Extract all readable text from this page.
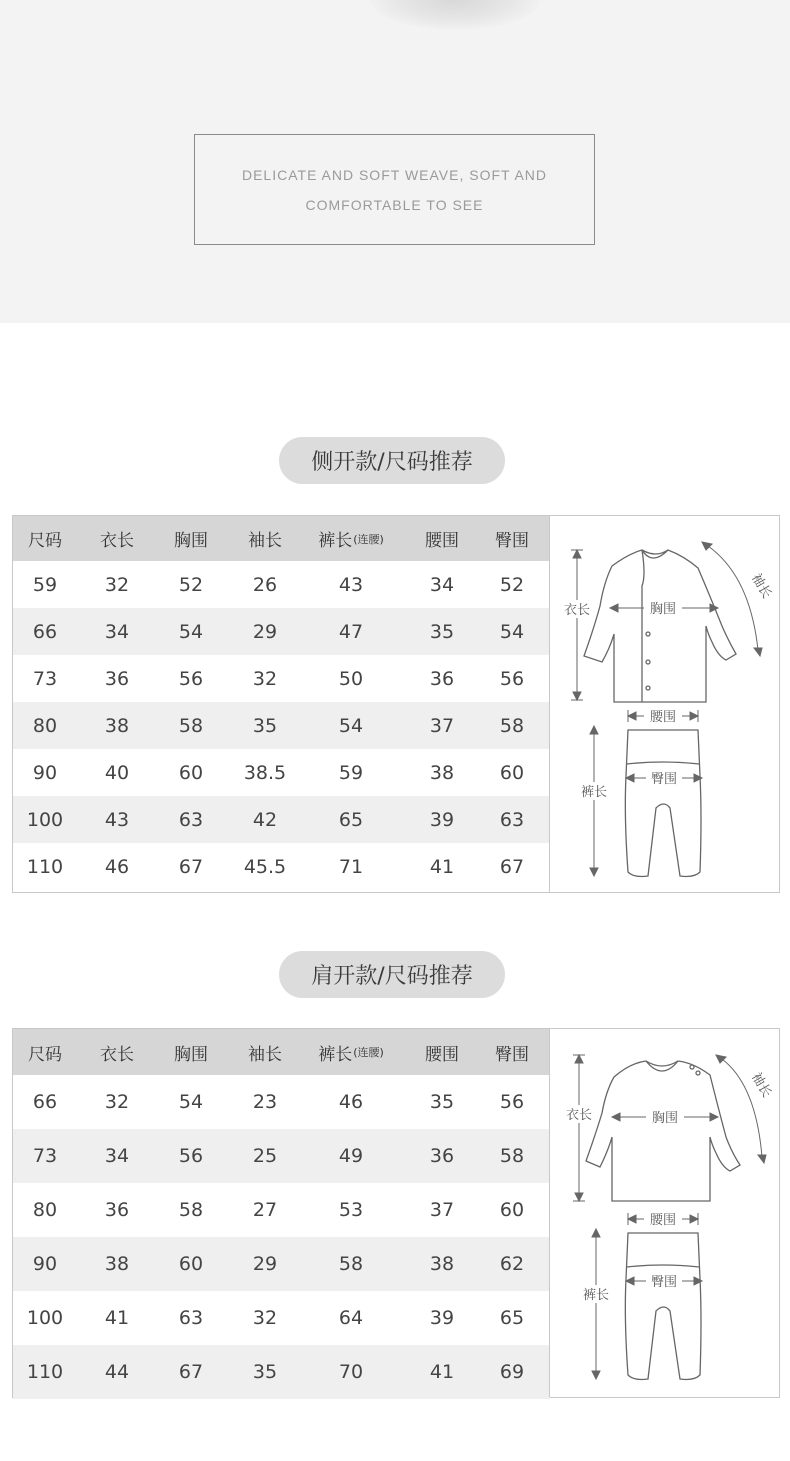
DELICATE AND SOFT WEAVE, SOFT AND
COMFORTABLE TO SEE
侧开款/尺码推荐
尺码 衣长 胸围 袖长 裤长 (连腰) 腰围 臀围
59	32	52	26	43	34 52
66	34	54	29	47	35 54
73	36	56	32	50	36 56
80	38	58	35	54	37 58
90	40	60 38.5	59	38 60
100 43	63	42	65	39 63
110 46	67 45.5	71	41 67
衣长	胸围
袖长
腰围
臀围
裤长
肩开款/尺码推荐
尺码 衣长 胸围 袖长 裤长 (连腰) 腰围 臀围
66	32	54	23	46	35 56
73	34	56	25	49	36 58
80	36	58	27	53	37 60
90	38	60	29	58	38 62
100 41	63	32	64	39 65
110 44	67	35	70	41 69
衣长	胸围
袖长
腰围
臀围
裤长
